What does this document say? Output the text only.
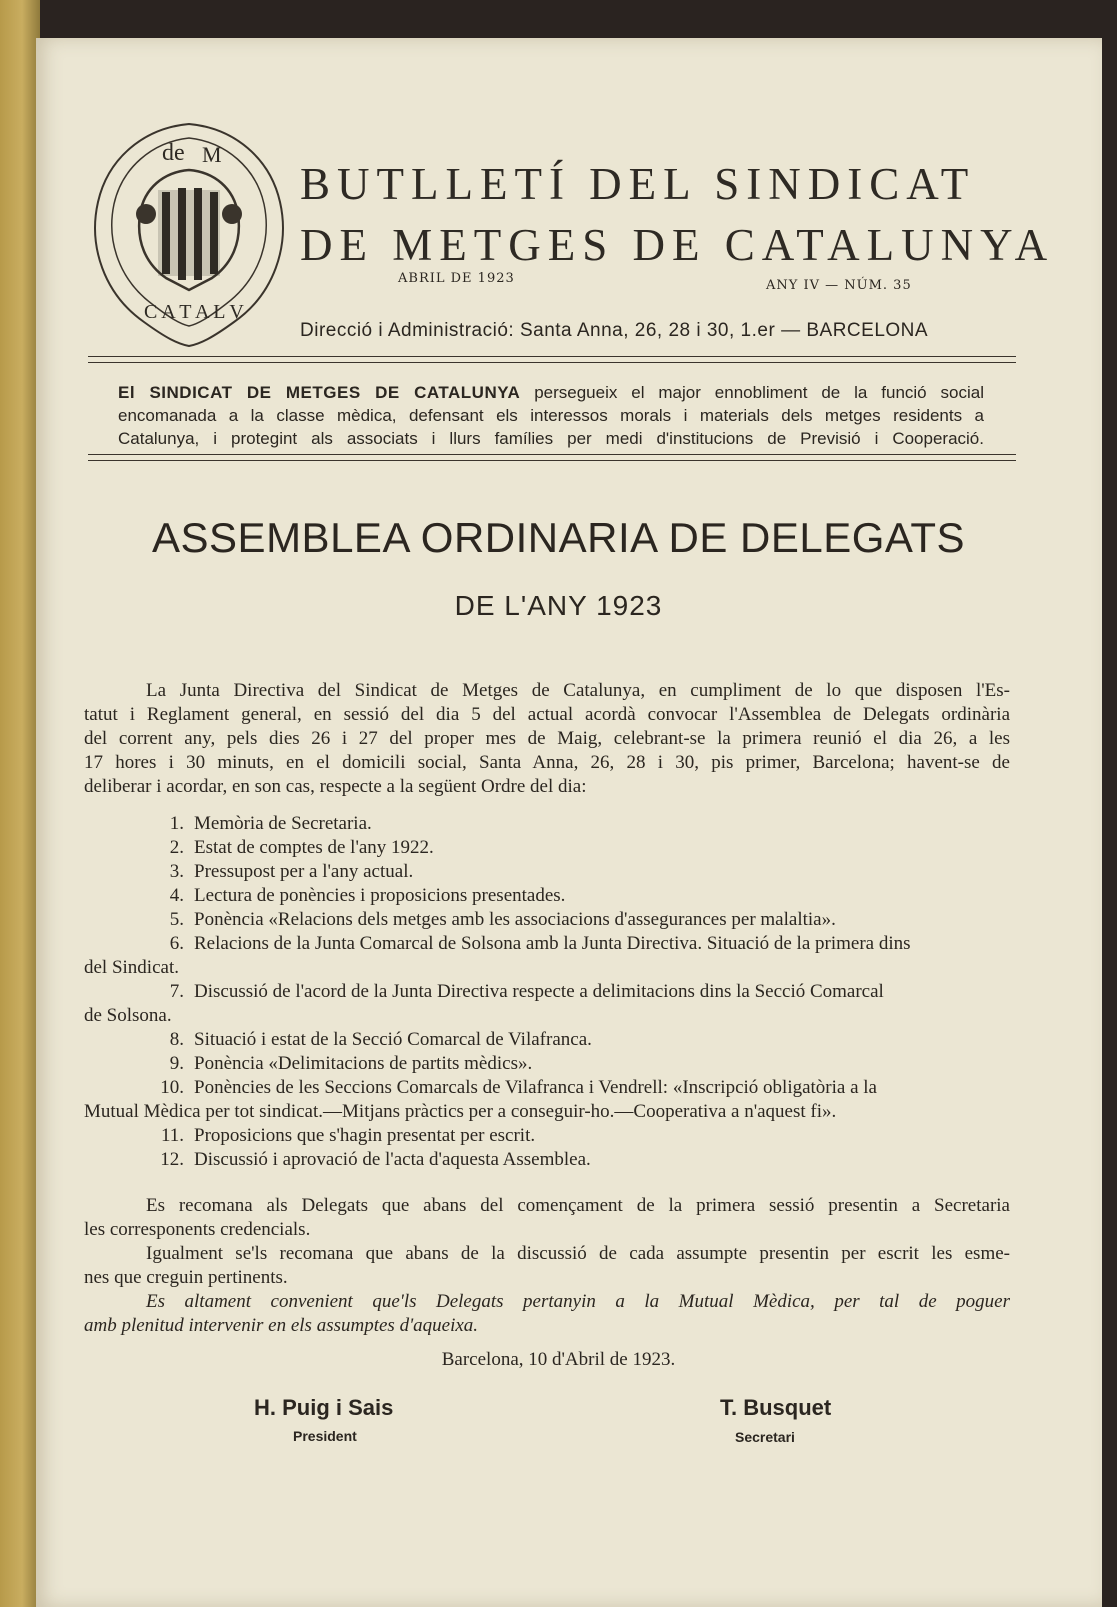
de M
C A T A L V
BUTLLETÍ DEL SINDICAT
DE METGES DE CATALUNYA
ABRIL DE 1923	ANY IV — NÚM. 35
Direcció i Administració: Santa Anna, 26, 28 i 30, 1.er — BARCELONA
El SINDICAT DE METGES DE CATALUNYA persegueix el major ennobliment de la funció social
encomanada a la classe mèdica, defensant els interessos morals i materials dels metges residents a
Catalunya, i protegint als associats i llurs famílies per medi d'institucions de Previsió i Cooperació.
ASSEMBLEA ORDINARIA DE DELEGATS
DE L'ANY 1923
La Junta Directiva del Sindicat de Metges de Catalunya, en cumpliment de lo que disposen l'Es-
tatut i Reglament general, en sessió del dia 5 del actual acordà convocar l'Assemblea de Delegats ordinària
del corrent any, pels dies 26 i 27 del proper mes de Maig, celebrant-se la primera reunió el dia 26, a les
17 hores i 30 minuts, en el domicili social, Santa Anna, 26, 28 i 30, pis primer, Barcelona; havent-se de
deliberar i acordar, en son cas, respecte a la següent Ordre del dia:
1. Memòria de Secretaria.
2. Estat de comptes de l'any 1922.
3. Pressupost per a l'any actual.
4. Lectura de ponències i proposicions presentades.
5. Ponència «Relacions dels metges amb les associacions d'assegurances per malaltia».
6. Relacions de la Junta Comarcal de Solsona amb la Junta Directiva. Situació de la primera dins
del Sindicat.
7. Discussió de l'acord de la Junta Directiva respecte a delimitacions dins la Secció Comarcal
de Solsona.
8. Situació i estat de la Secció Comarcal de Vilafranca.
9. Ponència «Delimitacions de partits mèdics».
10. Ponències de les Seccions Comarcals de Vilafranca i Vendrell: «Inscripció obligatòria a la
Mutual Mèdica per tot sindicat.—Mitjans pràctics per a conseguir-ho.—Cooperativa a n'aquest fi».
11. Proposicions que s'hagin presentat per escrit.
12. Discussió i aprovació de l'acta d'aquesta Assemblea.
Es recomana als Delegats que abans del començament de la primera sessió presentin a Secretaria
les corresponents credencials.
Igualment se'ls recomana que abans de la discussió de cada assumpte presentin per escrit les esme-
nes que creguin pertinents.
Es altament convenient que'ls Delegats pertanyin a la Mutual Mèdica, per tal de poguer
amb plenitud intervenir en els assumptes d'aqueixa.
Barcelona, 10 d'Abril de 1923.
H. Puig i Sais
President
T. Busquet
Secretari
